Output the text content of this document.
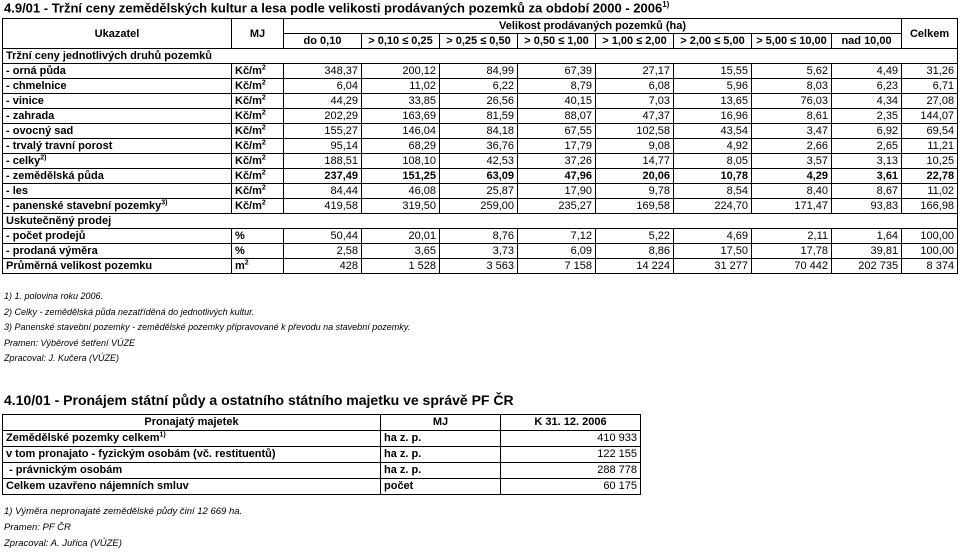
4.9/01 - Tržní ceny zemědělských kultur a lesa podle velikosti prodávaných pozemků za období 2000 - 2006$^{1)}$
Ukazatel	MJ	Velikost prodávaných pozemků (ha)								Celkem
		do 0,10	> 0,10 ≤ 0,25	> 0,25 ≤ 0,50	> 0,50 ≤ 1,00	> 1,00 ≤ 2,00	> 2,00 ≤ 5,00	> 5,00 ≤ 10,00	nad 10,00	
Tržní ceny jednotlivých druhů pozemků										
- orná půda	$Kč/m^2$	348,37	200,12	84,99	67,39	27,17	15,55	5,62	4,49	31,26
- chmelnice	$Kč/m^2$	6,04	11,02	6,22	8,79	6,08	5,96	8,03	6,23	6,71
- vinice	$Kč/m^2$	44,29	33,85	26,56	40,15	7,03	13,65	76,03	4,34	27,08
- zahrada	$Kč/m^2$	202,29	163,69	81,59	88,07	47,37	16,96	8,61	2,35	144,07
- ovocný sad	$Kč/m^2$	155,27	146,04	84,18	67,55	102,58	43,54	3,47	6,92	69,54
- trvalý travní porost	$Kč/m^2$	95,14	68,29	36,76	17,79	9,08	4,92	2,66	2,65	11,21
- celky$^{2)}$	$Kč/m^2$	188,51	108,10	42,53	37,26	14,77	8,05	3,57	3,13	10,25
- zemědělská půda	$Kč/m^2$	237,49	151,25	63,09	47,96	20,06	10,78	4,29	3,61	22,78
- les	$Kč/m^2$	84,44	46,08	25,87	17,90	9,78	8,54	8,40	8,67	11,02
- panenské stavební pozemky$^{3)}$	$Kč/m^2$	419,58	319,50	259,00	235,27	169,58	224,70	171,47	93,83	166,98
Uskutečněný prodej										
- počet prodejů	%	50,44	20,01	8,76	7,12	5,22	4,69	2,11	1,64	100,00
- prodaná výměra	%	2,58	3,65	3,73	6,09	8,86	17,50	17,78	39,81	100,00
Průměrná velikost pozemku	$m^2$	428	1 528	3 563	7 158	14 224	31 277	70 442	202 735	8 374
1) 1. polovina roku 2006.
2) Celky - zemědělská půda nezatříděná do jednotlivých kultur.
3) Panenské stavební pozemky - zemědělské pozemky připravované k převodu na stavební pozemky.
Pramen: Výběrové šetření VÚZE
Zpracoval: J. Kučera (VÚZE)
4.10/01 - Pronájem státní půdy a ostatního státního majetku ve správě PF ČR
Pronajatý majetek	MJ	K 31. 12. 2006
Zemědělské pozemky celkem$^{1)}$	ha z. p.	410 933
v tom pronajato - fyzickým osobám (vč. restituentů)	ha z. p.	122 155
- právnickým osobám	ha z. p.	288 778
Celkem uzavřeno nájemních smluv	počet	60 175
1) Výměra nepronajaté zemědělské půdy činí 12 669 ha.
Pramen: PF ČR
Zpracoval: A. Juřica (VÚZE)
